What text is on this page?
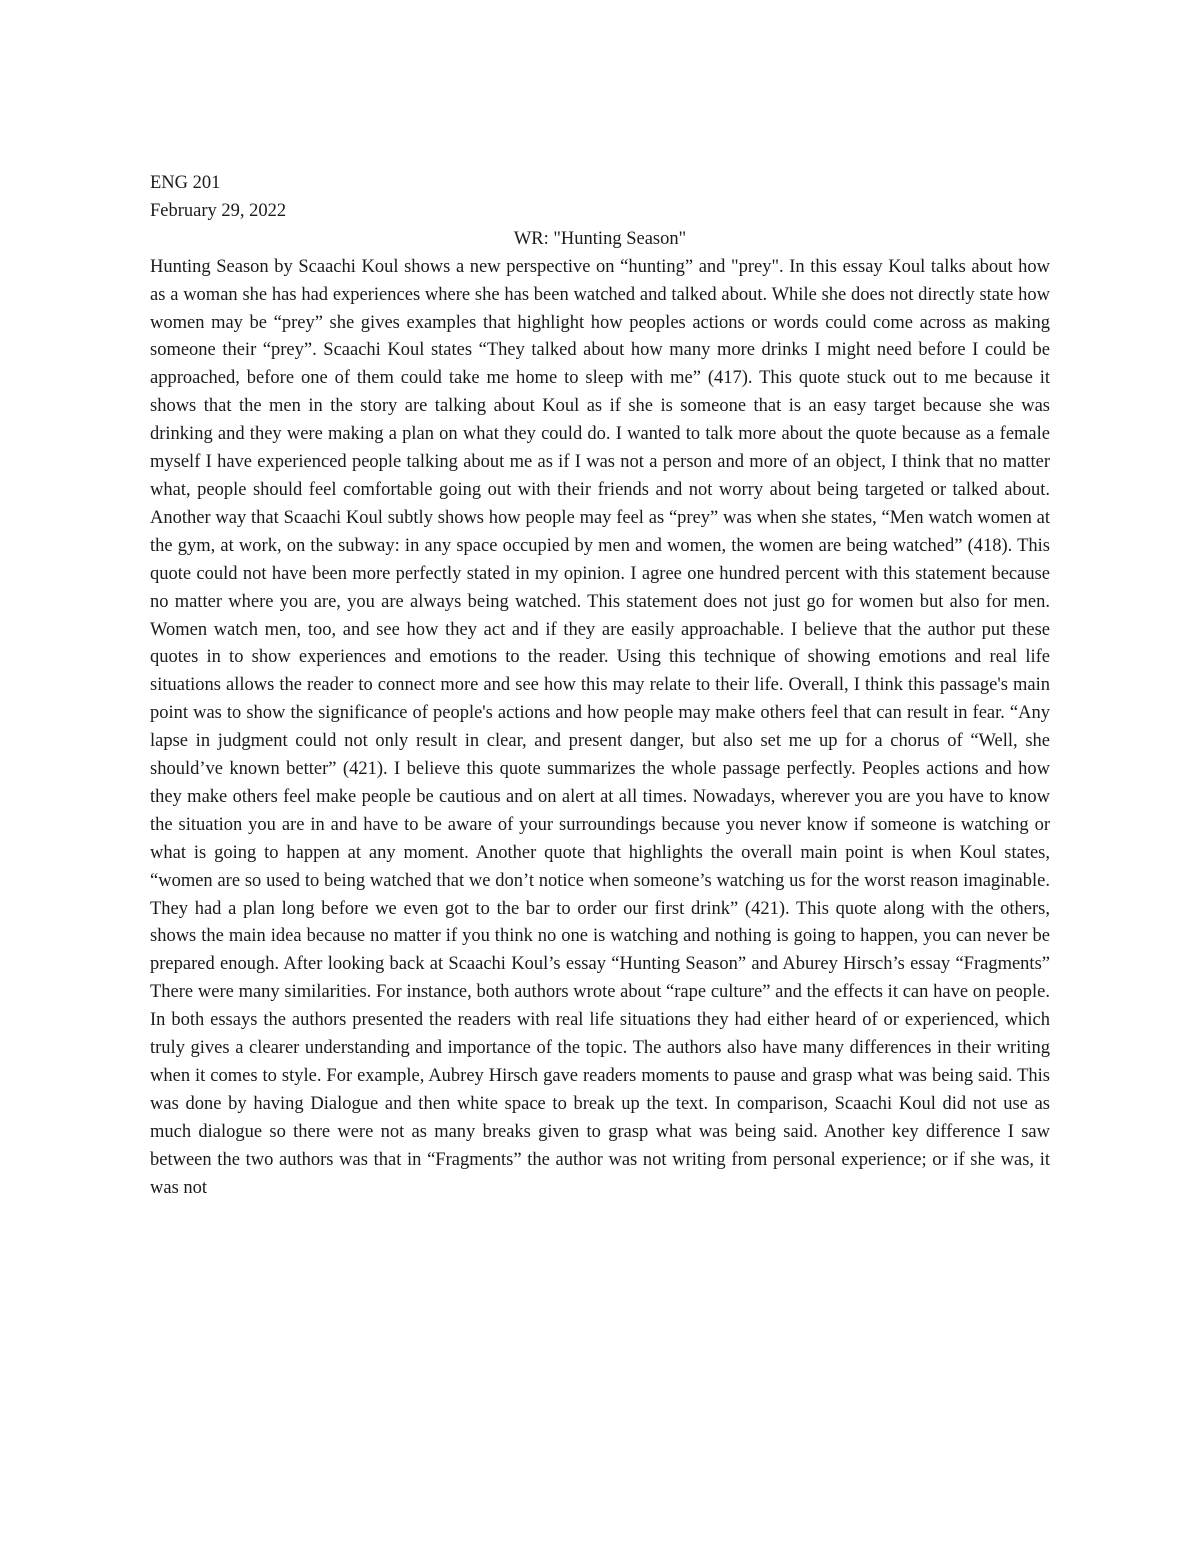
ENG 201
February 29, 2022
WR: "Hunting Season"

Hunting Season by Scaachi Koul shows a new perspective on “hunting” and "prey". In this essay Koul talks about how as a woman she has had experiences where she has been watched and talked about. While she does not directly state how women may be “prey” she gives examples that highlight how peoples actions or words could come across as making someone their “prey”. Scaachi Koul states “They talked about how many more drinks I might need before I could be approached, before one of them could take me home to sleep with me” (417). This quote stuck out to me because it shows that the men in the story are talking about Koul as if she is someone that is an easy target because she was drinking and they were making a plan on what they could do. I wanted to talk more about the quote because as a female myself I have experienced people talking about me as if I was not a person and more of an object, I think that no matter what, people should feel comfortable going out with their friends and not worry about being targeted or talked about. Another way that Scaachi Koul subtly shows how people may feel as “prey” was when she states, “Men watch women at the gym, at work, on the subway: in any space occupied by men and women, the women are being watched” (418). This quote could not have been more perfectly stated in my opinion. I agree one hundred percent with this statement because no matter where you are, you are always being watched. This statement does not just go for women but also for men. Women watch men, too, and see how they act and if they are easily approachable. I believe that the author put these quotes in to show experiences and emotions to the reader. Using this technique of showing emotions and real life situations allows the reader to connect more and see how this may relate to their life. Overall, I think this passage's main point was to show the significance of people's actions and how people may make others feel that can result in fear. “Any lapse in judgment could not only result in clear, and present danger, but also set me up for a chorus of “Well, she should’ve known better” (421). I believe this quote summarizes the whole passage perfectly. Peoples actions and how they make others feel make people be cautious and on alert at all times. Nowadays, wherever you are you have to know the situation you are in and have to be aware of your surroundings because you never know if someone is watching or what is going to happen at any moment. Another quote that highlights the overall main point is when Koul states, “women are so used to being watched that we don’t notice when someone’s watching us for the worst reason imaginable. They had a plan long before we even got to the bar to order our first drink” (421). This quote along with the others, shows the main idea because no matter if you think no one is watching and nothing is going to happen, you can never be prepared enough. After looking back at Scaachi Koul’s essay “Hunting Season” and Aburey Hirsch’s essay “Fragments” There were many similarities. For instance, both authors wrote about “rape culture” and the effects it can have on people. In both essays the authors presented the readers with real life situations they had either heard of or experienced, which truly gives a clearer understanding and importance of the topic. The authors also have many differences in their writing when it comes to style. For example, Aubrey Hirsch gave readers moments to pause and grasp what was being said. This was done by having Dialogue and then white space to break up the text. In comparison, Scaachi Koul did not use as much dialogue so there were not as many breaks given to grasp what was being said. Another key difference I saw between the two authors was that in “Fragments” the author was not writing from personal experience; or if she was, it was not
